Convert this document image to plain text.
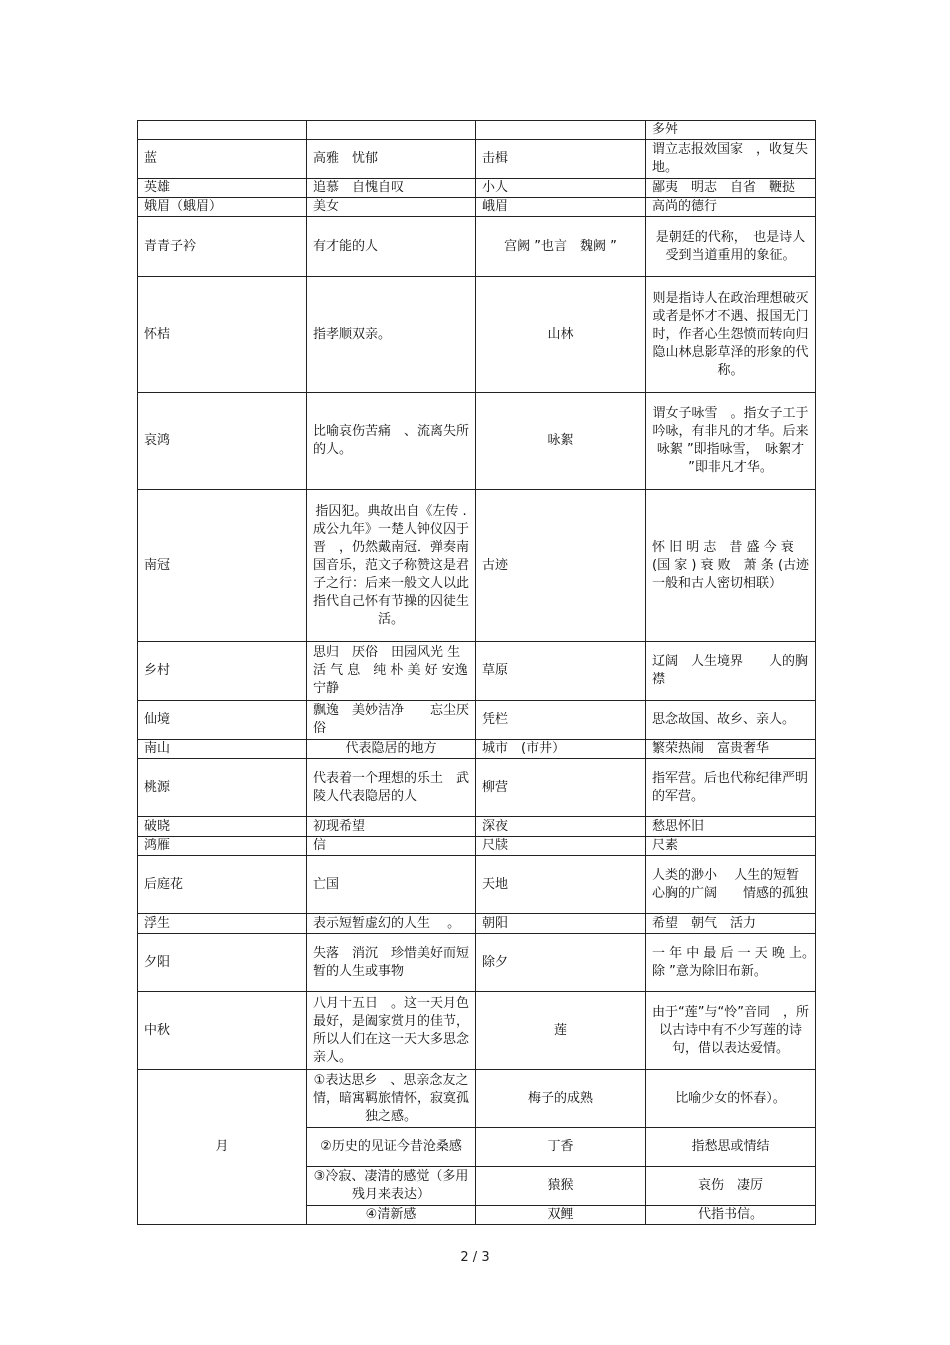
			多舛
蓝	高雅　忧郁	击楫	谓立志报效国家　，收复失地。
英雄	追慕　自愧自叹	小人	鄙夷　明志　自省　鞭挞
娥眉（蛾眉）	美女	峨眉	高尚的德行
青青子衿	有才能的人	宫阙 ”也言　魏阙 ”	是朝廷的代称，　也是诗人受到当道重用的象征。
怀桔	指孝顺双亲。	山林	则是指诗人在政治理想破灭或者是怀才不遇、报国无门时，作者心生怨愤而转向归隐山林息影草泽的形象的代称。
哀鸿	比喻哀伤苦痛　、流离失所的人。	咏絮	谓女子咏雪　。指女子工于吟咏，有非凡的才华。后来　咏絮 ”即指咏雪，　咏絮才 ”即非凡才华。
南冠	指囚犯。典故出自《左传 .成公九年》一楚人钟仪囚于晋　，仍然戴南冠．弹奏南国音乐，范文子称赞这是君子之行：后来一般文人以此指代自己怀有节操的囚徒生活。	古迹	怀 旧 明 志　昔 盛 今 衰 (国 家 ) 衰 败　萧 条 (古迹一般和古人密切相联）
乡村	思归　厌俗　田园风光 生 活 气 息　纯 朴 美 好 安逸宁静	草原	辽阔　人生境界　　人的胸襟
仙境	飘逸　美妙洁净　　忘尘厌俗	凭栏	思念故国、故乡、亲人。
南山	代表隐居的地方	城市　(市井）	繁荣热闹　富贵奢华
桃源	代表着一个理想的乐土　武陵人代表隐居的人	柳营	指军营。后也代称纪律严明的军营。
破晓	初现希望	深夜	愁思怀旧
鸿雁	信	尺牍	尺素
后庭花	亡国	天地	人类的渺小　 人生的短暂　心胸的广阔　　情感的孤独
浮生	表示短暂虚幻的人生　 。	朝阳	希望　朝气　活力
夕阳	失落　消沉　珍惜美好而短暂的人生或事物	除夕	一 年 中 最 后 一 天 晚 上。　除 ”意为除旧布新。
中秋	八月十五日　。这一天月色最好，是阖家赏月的佳节，所以人们在这一天大多思念亲人。	莲	由于“莲”与“怜”音同　，所以古诗中有不少写莲的诗句，借以表达爱情。
月	①表达思乡　、思亲念友之情，暗寓羁旅情怀，寂寞孤独之感。	梅子的成熟	比喻少女的怀春）。
	②历史的见证今昔沧桑感	丁香	指愁思或情结
	③冷寂、凄清的感觉（多用残月来表达）	猿猴	哀伤　凄厉
	④清新感	双鲤	代指书信。
2 / 3
